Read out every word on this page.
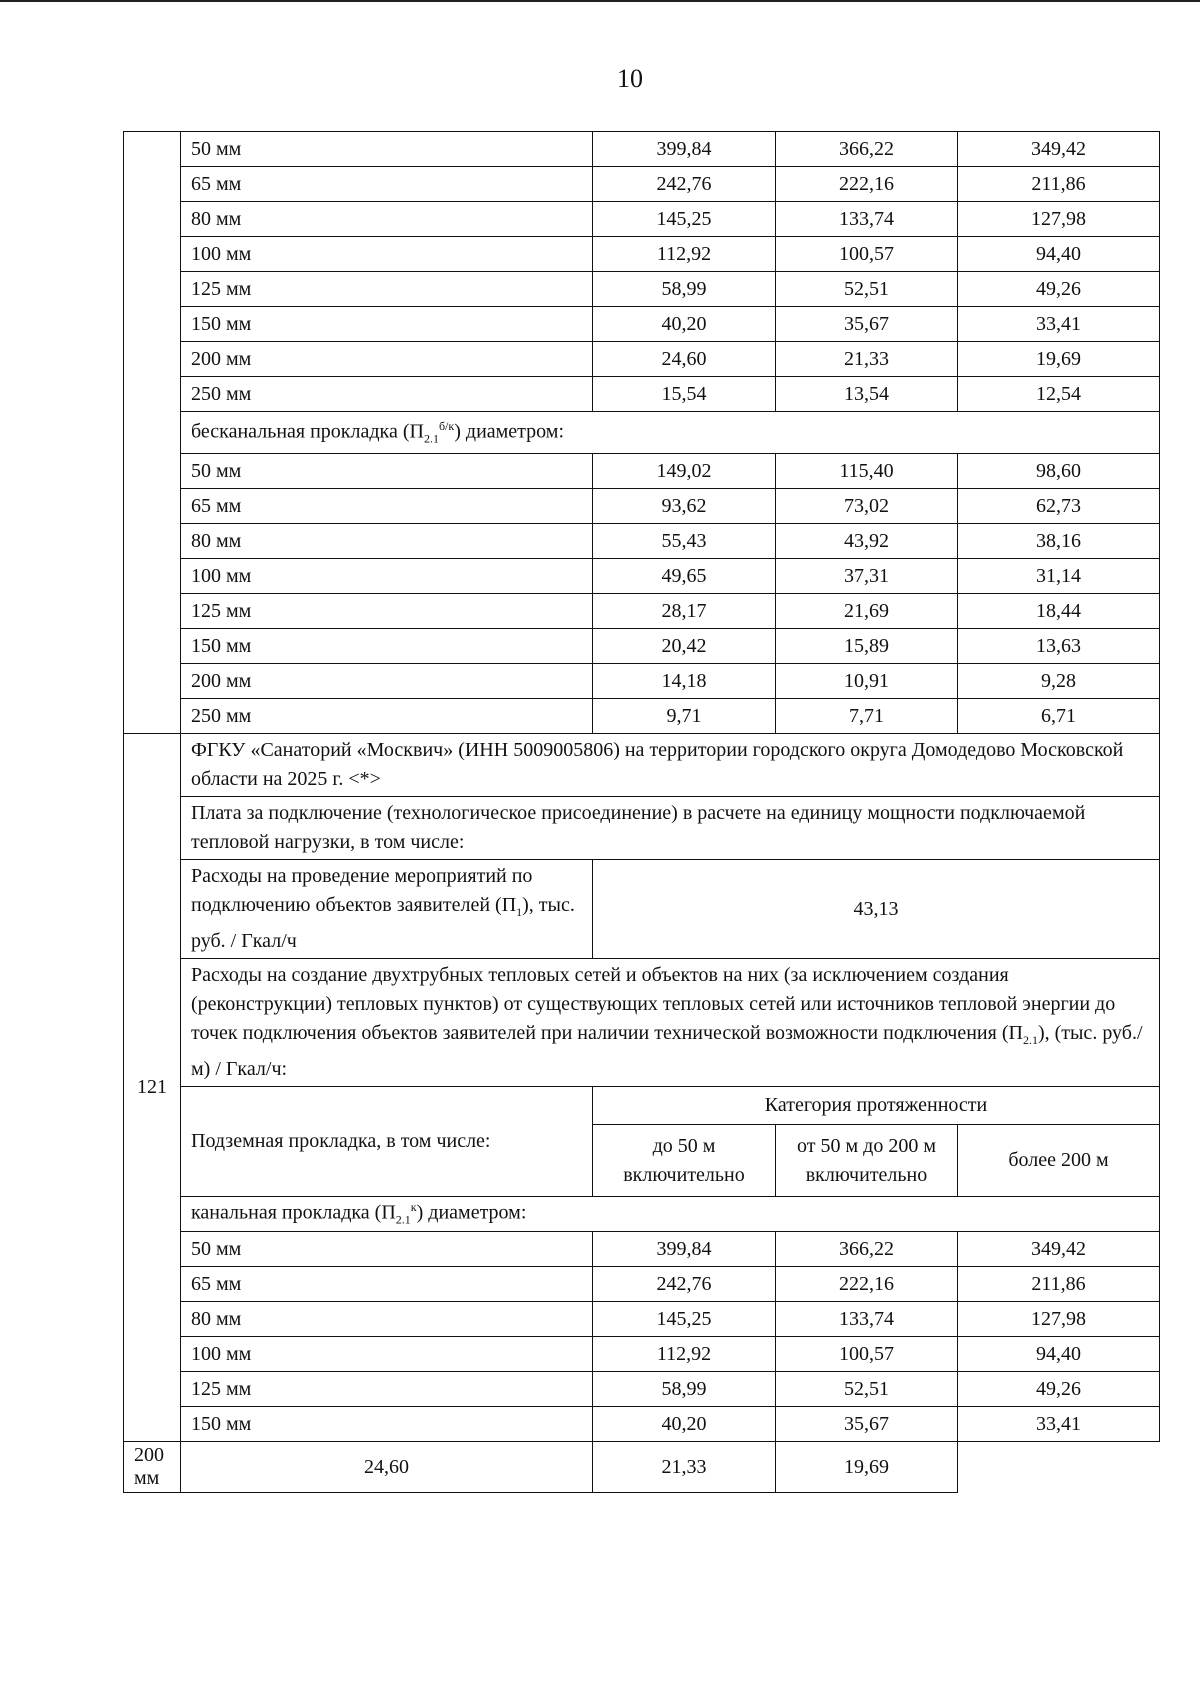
10
	50 мм	399,84	366,22	349,42
	65 мм	242,76	222,16	211,86
	80 мм	145,25	133,74	127,98
	100 мм	112,92	100,57	94,40
	125 мм	58,99	52,51	49,26
	150 мм	40,20	35,67	33,41
	200 мм	24,60	21,33	19,69
	250 мм	15,54	13,54	12,54
	бесканальная прокладка $(П_{2.1}^{б/к})$ диаметром:			
	50 мм	149,02	115,40	98,60
	65 мм	93,62	73,02	62,73
	80 мм	55,43	43,92	38,16
	100 мм	49,65	37,31	31,14
	125 мм	28,17	21,69	18,44
	150 мм	20,42	15,89	13,63
	200 мм	14,18	10,91	9,28
	250 мм	9,71	7,71	6,71
121	ФГКУ «Санаторий «Москвич» (ИНН 5009005806) на территории городского округа Домодедово Московской области на 2025 г. <*>			
	Плата за подключение (технологическое присоединение) в расчете на единицу мощности подключаемой тепловой нагрузки, в том числе:			
	Расходы на проведение мероприятий по подключению объектов заявителей $(П_1)$, тыс. руб. / Гкал/ч	43,13		
	Расходы на создание двухтрубных тепловых сетей и объектов на них (за исключением создания (реконструкции) тепловых пунктов) от существующих тепловых сетей или источников тепловой энергии до точек подключения объектов заявителей при наличии технической возможности подключения $(П_{2.1})$, (тыс. руб./м) / Гкал/ч:			
	Подземная прокладка, в том числе:	Категория протяженности		
		до 50 м включительно	от 50 м до 200 м включительно	более 200 м
	канальная прокладка $(П_{2.1}^к)$ диаметром:			
	50 мм	399,84	366,22	349,42
	65 мм	242,76	222,16	211,86
	80 мм	145,25	133,74	127,98
	100 мм	112,92	100,57	94,40
	125 мм	58,99	52,51	49,26
	150 мм	40,20	35,67	33,41
200 мм	24,60	21,33	19,69	
